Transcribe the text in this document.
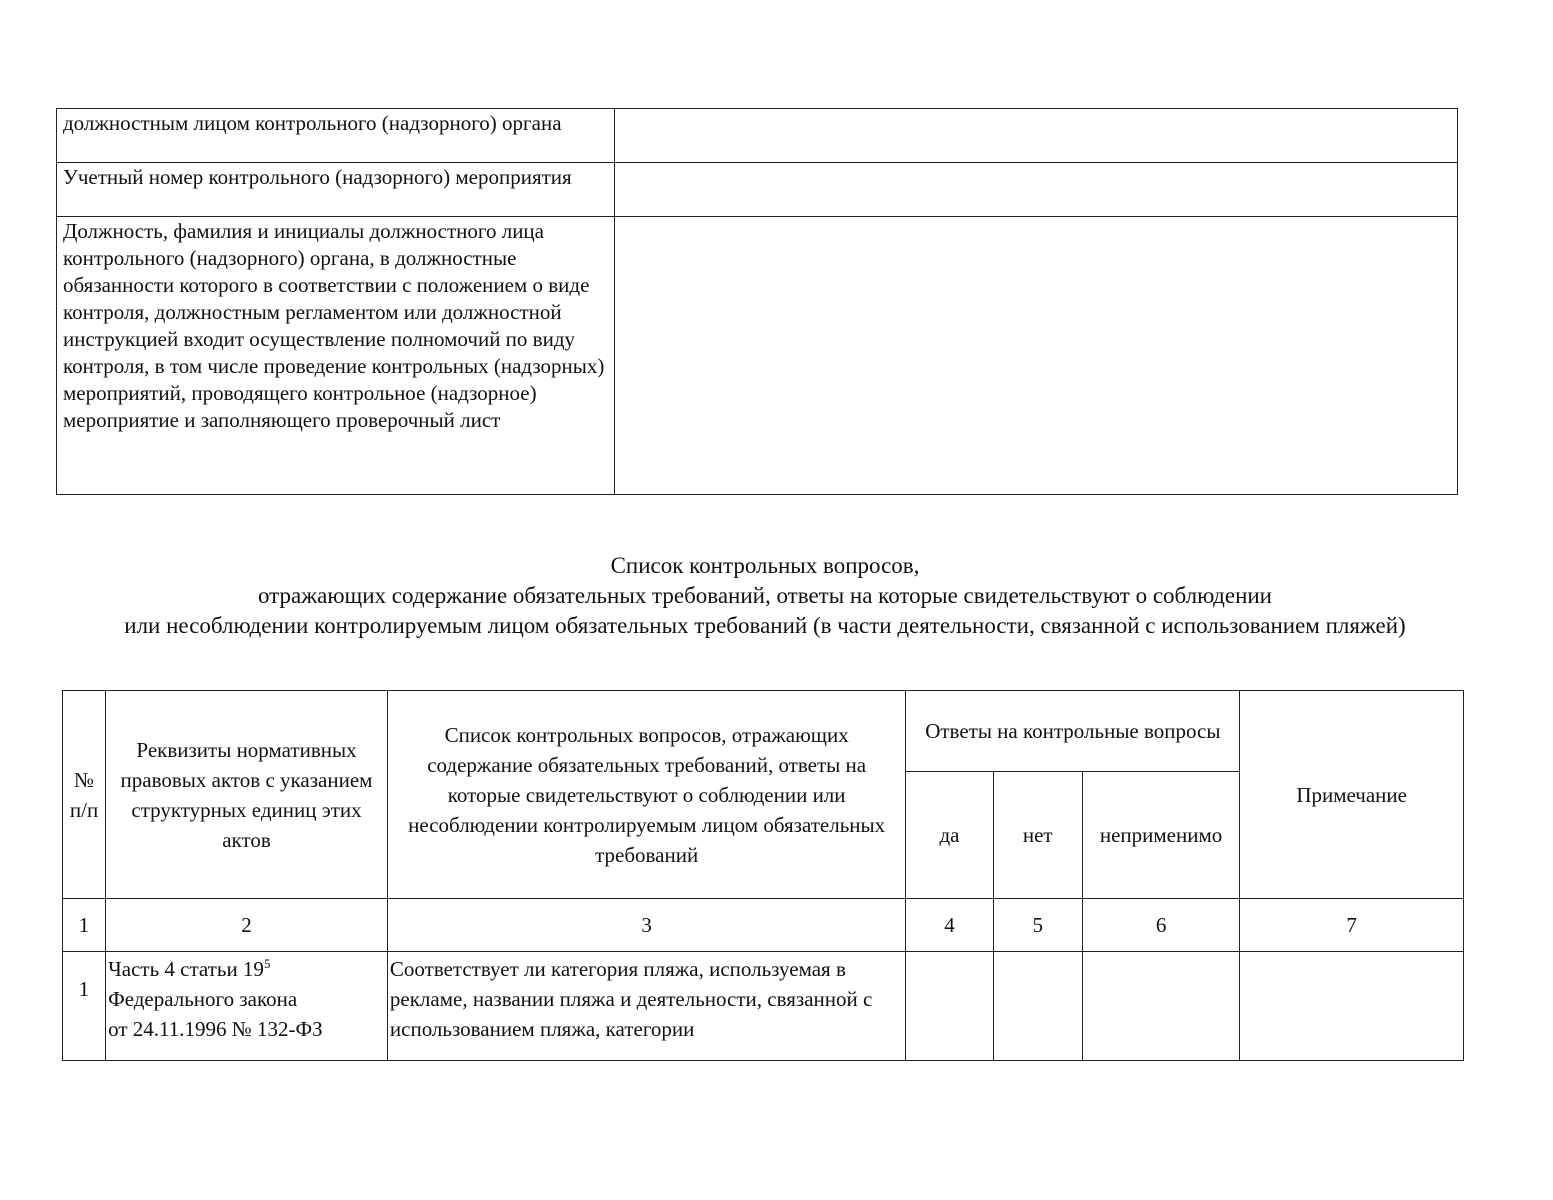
должностным лицом контрольного (надзорного) органа	
Учетный номер контрольного (надзорного) мероприятия	
Должность, фамилия и инициалы должностного лица контрольного (надзорного) органа, в должностные обязанности которого в соответствии с положением о виде контроля, должностным регламентом или должностной инструкцией входит осуществление полномочий по виду контроля, в том числе проведение контрольных (надзорных) мероприятий, проводящего контрольное (надзорное) мероприятие и заполняющего проверочный лист	
Список контрольных вопросов,
отражающих содержание обязательных требований, ответы на которые свидетельствуют о соблюдении
или несоблюдении контролируемым лицом обязательных требований (в части деятельности, связанной с использованием пляжей)
№ п/п	Реквизиты нормативных правовых актов с указанием структурных единиц этих актов	Список контрольных вопросов, отражающих содержание обязательных требований, ответы на которые свидетельствуют о соблюдении или несоблюдении контролируемым лицом обязательных требований	Ответы на контрольные вопросы			Примечание
			да	нет	неприменимо	
1	2	3	4	5	6	7
1	Часть 4 статьи $19^5$
Федерального закона
от 24.11.1996 № 132-ФЗ	Соответствует ли категория пляжа, используемая в рекламе, названии пляжа и деятельности, связанной с использованием пляжа, категории				
